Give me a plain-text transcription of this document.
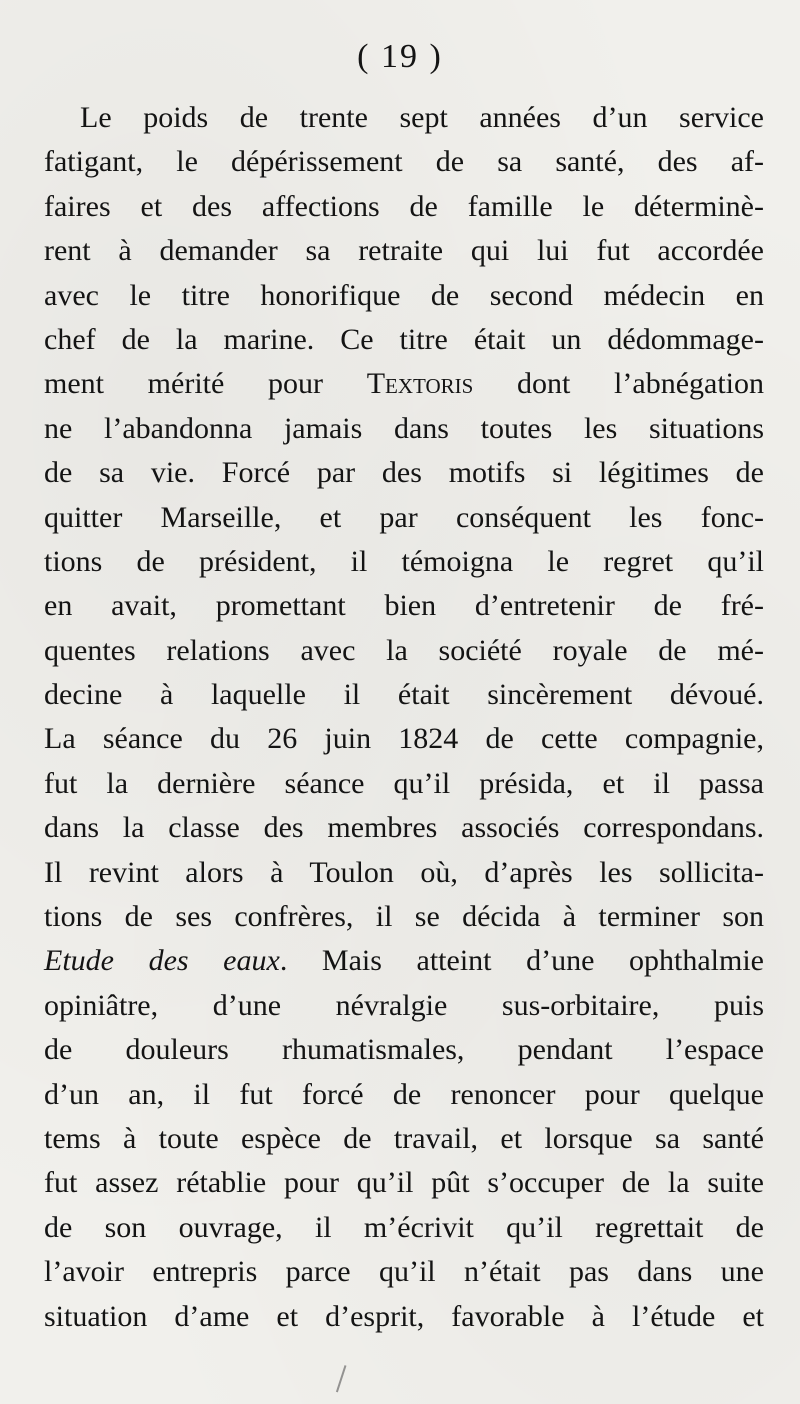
( 19 )
Le poids de trente sept années d’un service
fatigant, le dépérissement de sa santé, des af-
faires et des affections de famille le déterminè-
rent à demander sa retraite qui lui fut accordée
avec le titre honorifique de second médecin en
chef de la marine. Ce titre était un dédommage-
ment mérité pour Textoris dont l’abnégation
ne l’abandonna jamais dans toutes les situations
de sa vie. Forcé par des motifs si légitimes de
quitter Marseille, et par conséquent les fonc-
tions de président, il témoigna le regret qu’il
en avait, promettant bien d’entretenir de fré-
quentes relations avec la société royale de mé-
decine à laquelle il était sincèrement dévoué.
La séance du 26 juin 1824 de cette compagnie,
fut la dernière séance qu’il présida, et il passa
dans la classe des membres associés correspondans.
Il revint alors à Toulon où, d’après les sollicita-
tions de ses confrères, il se décida à terminer son
Etude des eaux. Mais atteint d’une ophthalmie
opiniâtre, d’une névralgie sus-orbitaire, puis
de douleurs rhumatismales, pendant l’espace
d’un an, il fut forcé de renoncer pour quelque
tems à toute espèce de travail, et lorsque sa santé
fut assez rétablie pour qu’il pût s’occuper de la suite
de son ouvrage, il m’écrivit qu’il regrettait de
l’avoir entrepris parce qu’il n’était pas dans une
situation d’ame et d’esprit, favorable à l’étude et
